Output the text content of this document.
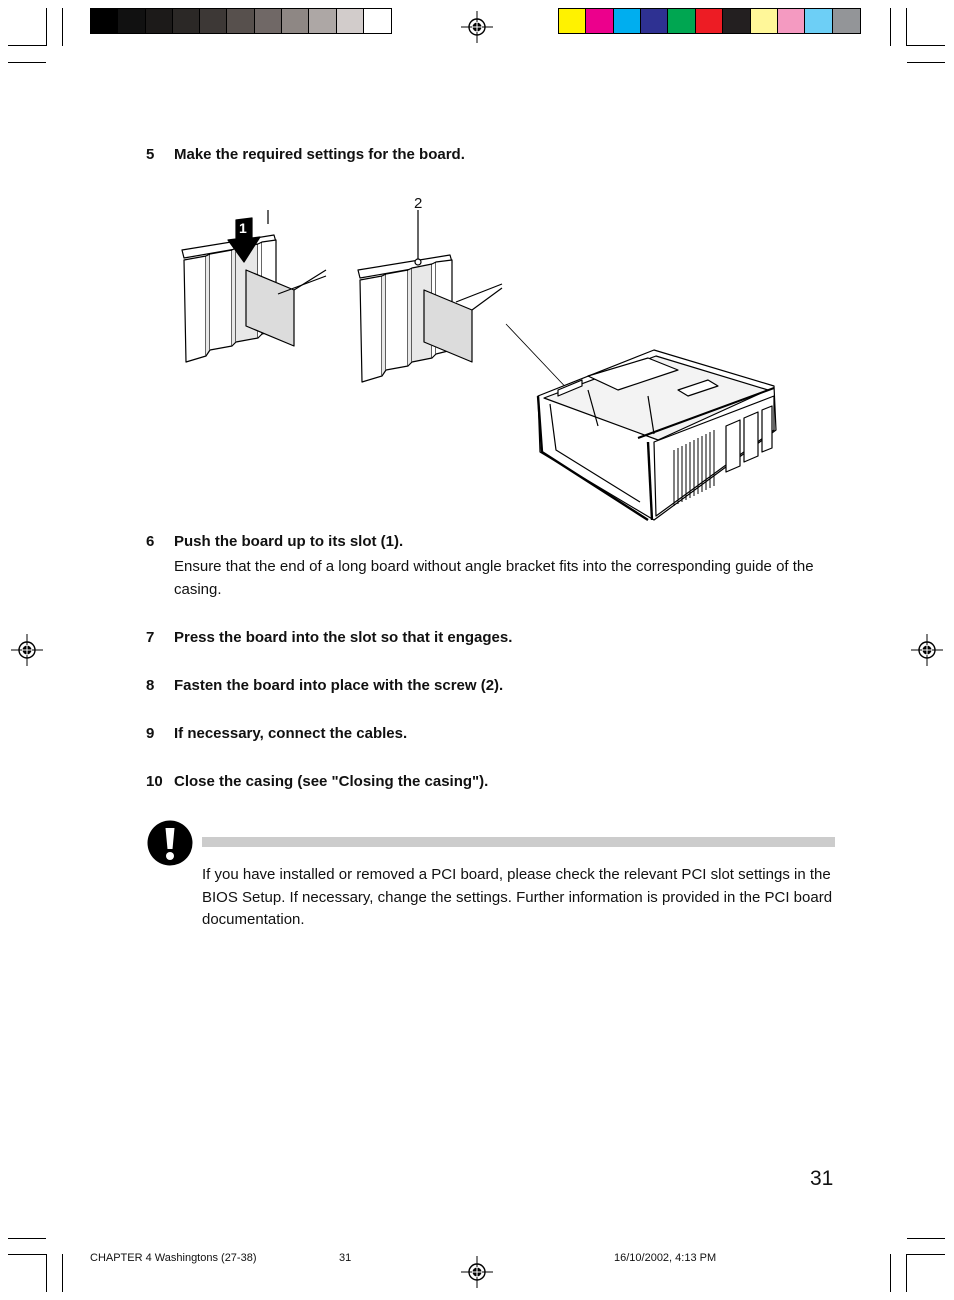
5	Make the required settings for the board.
1
2
6	Push the board up to its slot (1).
Ensure that the end of a long board without angle bracket fits into the corresponding guide of the casing.
7	Press the board into the slot so that it engages.
8	Fasten the board into place with the screw (2).
9	If necessary, connect the cables.
10 Close the casing (see "Closing the casing").
If you have installed or removed a PCI board, please check the relevant PCI slot settings in the BIOS Setup. If necessary, change the settings. Further information is provided in the PCI board documentation.
31
CHAPTER 4 Washingtons (27-38)	31	16/10/2002, 4:13 PM
